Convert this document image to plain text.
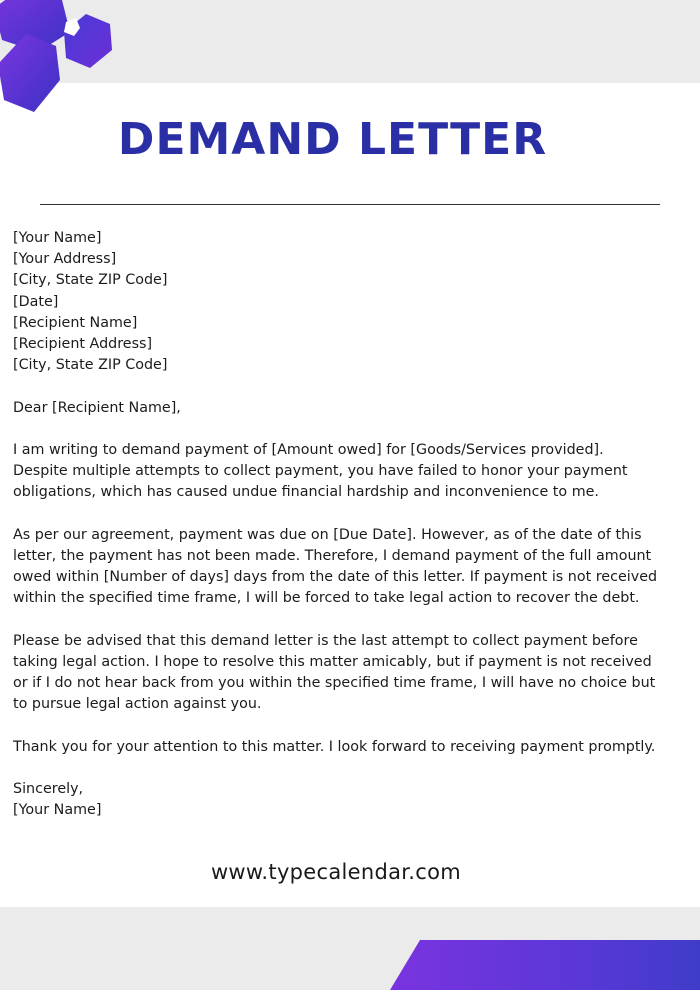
DEMAND LETTER
[Your Name]
[Your Address]
[City, State ZIP Code]
[Date]
[Recipient Name]
[Recipient Address]
[City, State ZIP Code]
Dear [Recipient Name],
I am writing to demand payment of [Amount owed] for [Goods/Services provided].
Despite multiple attempts to collect payment, you have failed to honor your payment
obligations, which has caused undue financial hardship and inconvenience to me.
As per our agreement, payment was due on [Due Date]. However, as of the date of this
letter, the payment has not been made. Therefore, I demand payment of the full amount
owed within [Number of days] days from the date of this letter. If payment is not received
within the specified time frame, I will be forced to take legal action to recover the debt.
Please be advised that this demand letter is the last attempt to collect payment before
taking legal action. I hope to resolve this matter amicably, but if payment is not received
or if I do not hear back from you within the specified time frame, I will have no choice but
to pursue legal action against you.
Thank you for your attention to this matter. I look forward to receiving payment promptly.
Sincerely,
[Your Name]
www.typecalendar.com
